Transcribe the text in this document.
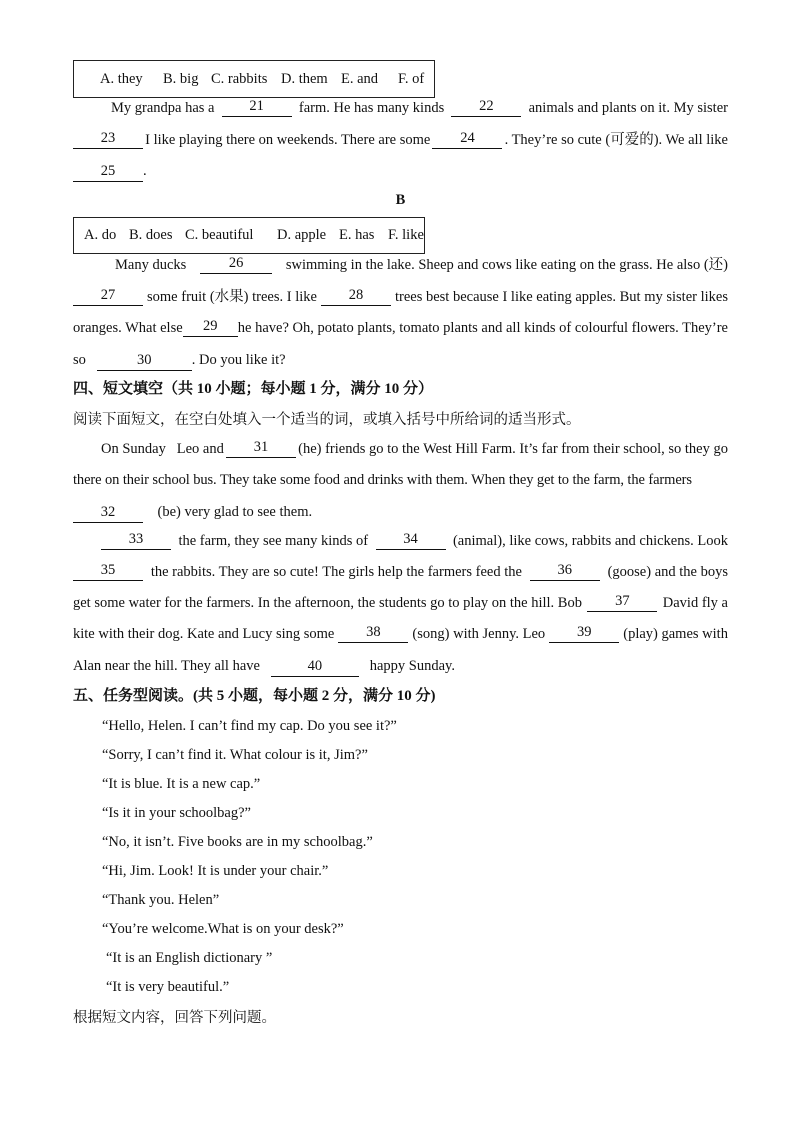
A. they	B. big C. rabbits D. them E. and	F. of
My grandpa has a	21	farm. He has many kinds	22	animals and plants on it. My sister
23	I like playing there on weekends. There are some	24	. They’re so cute (可爱的). We all like
25 .
B
A. do B. does C. beautiful	D. apple E. has F. like
Many ducks	26	swimming in the lake. Sheep and cows like eating on the grass. He also (还)
27	some fruit (水果) trees. I like	28	trees best because I like eating apples. But my sister likes
oranges. What else	29	he have? Oh, potato plants, tomato plants and all kinds of colourful flowers. They’re
so	30	. Do you like it?
四、短文填空（共 10 小题；每小题 1 分，满分 10 分）
阅读下面短文，在空白处填入一个适当的词，或填入括号中所给词的适当形式。
On Sunday   Leo and	31	(he) friends go to the West Hill Farm. It’s far from their school, so they go
there on their school bus. They take some food and drinks with them. When they get to the farm, the farmers
32	(be) very glad to see them.
33	the farm, they see many kinds of	34	(animal), like cows, rabbits and chickens. Look
35	the rabbits. They are so cute! The girls help the farmers feed the	36	(goose) and the boys
get some water for the farmers. In the afternoon, the students go to play on the hill. Bob	37	David fly a
kite with their dog. Kate and Lucy sing some	38	(song) with Jenny. Leo	39	(play) games with
Alan near the hill. They all have	40	happy Sunday.
五、任务型阅读。(共 5 小题，每小题 2 分，满分 10 分)
“Hello, Helen. I can’t find my cap. Do you see it?”
“Sorry, I can’t find it. What colour is it, Jim?”
“It is blue. It is a new cap.”
“Is it in your schoolbag?”
“No, it isn’t. Five books are in my schoolbag.”
“Hi, Jim. Look! It is under your chair.”
“Thank you. Helen”
“You’re welcome.What is on your desk?”
“It is an English dictionary ”
“It is very beautiful.”
根据短文内容，回答下列问题。
